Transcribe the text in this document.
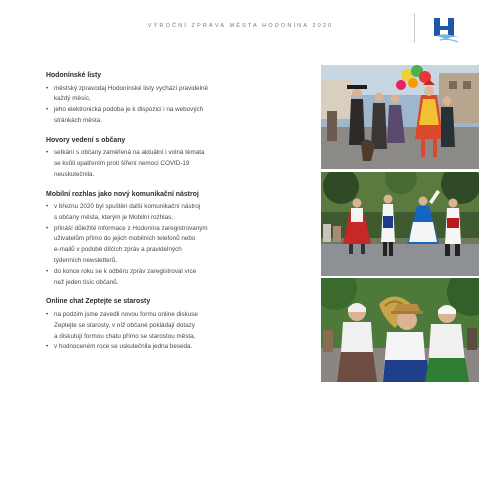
VÝROČNÍ ZPRÁVA MĚSTA HODONÍNA 2020
Hodonínské listy
• městský zpravodaj Hodonínské listy vychází pravidelně
každý měsíc,
• jeho elektronická podoba je k dispozici i na webových
stránkách města.
Hovory vedení s občany
• setkání s občany zaměřená na aktuální i volná témata
se kvůli opatřením proti šíření nemoci COVID-19
neuskutečnila.
Mobilní rozhlas jako nový komunikační nástroj
• v březnu 2020 byl spuštěn další komunikační nástroj
s občany města, kterým je Mobilní rozhlas,
• přináší důležité informace z Hodonína zaregistrovaným
uživatelům přímo do jejich mobilních telefonů nebo
e-mailů v podobě dílčích zpráv a pravidelných
týdenních newsletterů,
• do konce roku se k odběru zpráv zaregistroval více
než jeden tisíc občanů.
Online chat Zeptejte se starosty
• na podzim jsme zavedli novou formu online diskuse
Zeptejte se starosty, v níž občané pokládají dotazy
a diskutují formou chatu přímo se starostou města,
• v hodnoceném roce se uskutečnila jedna beseda.
